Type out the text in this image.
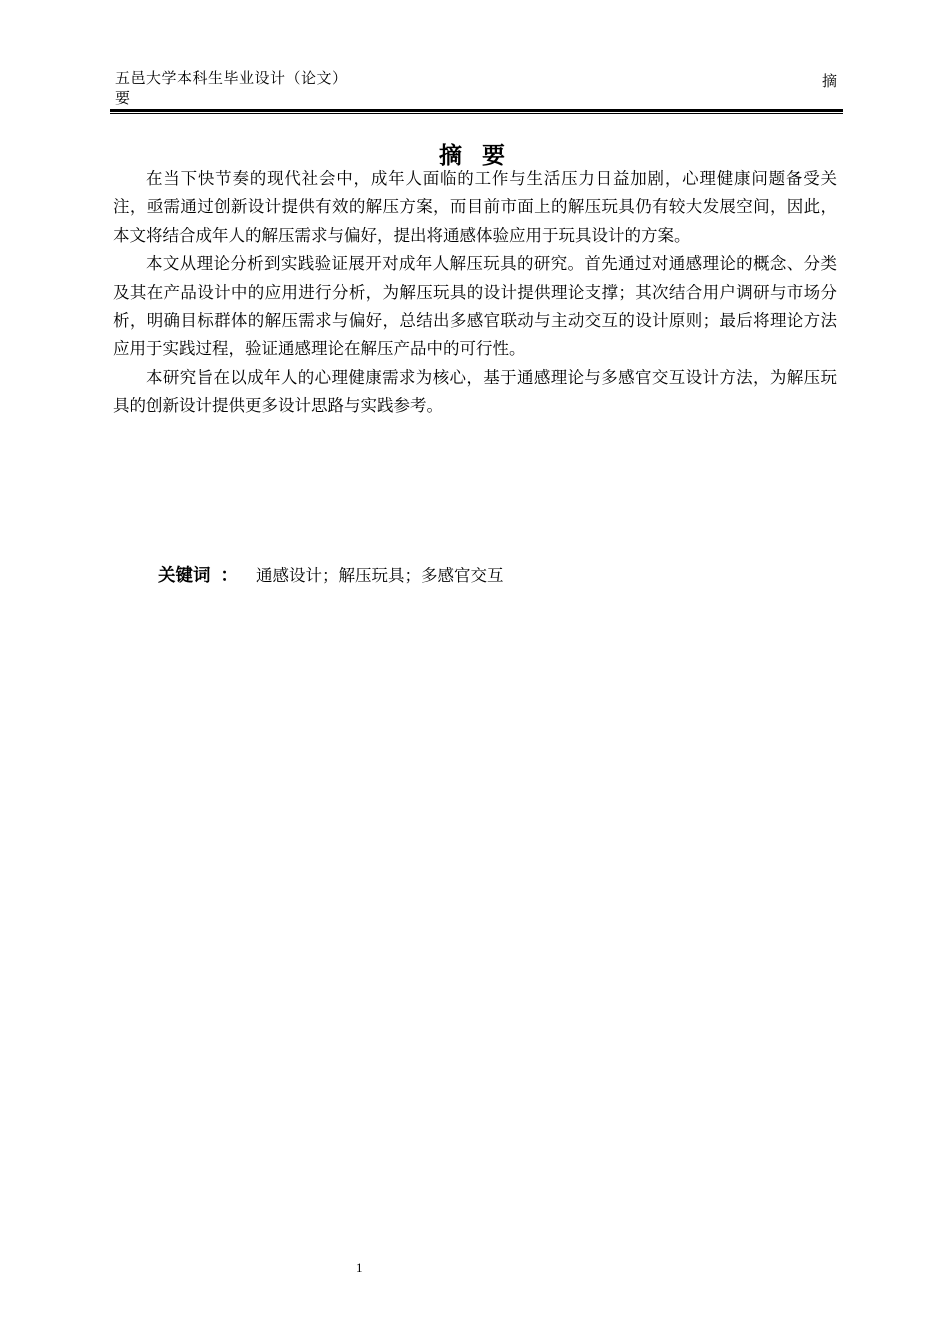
五邑大学本科生毕业设计（论文）
要
摘
摘 要

在当下快节奏的现代社会中，成年人面临的工作与生活压力日益加剧，心理健康问题备受关注，亟需通过创新设计提供有效的解压方案，而目前市面上的解压玩具仍有较大发展空间，因此，本文将结合成年人的解压需求与偏好，提出将通感体验应用于玩具设计的方案。

本文从理论分析到实践验证展开对成年人解压玩具的研究。首先通过对通感理论的概念、分类及其在产品设计中的应用进行分析，为解压玩具的设计提供理论支撑；其次结合用户调研与市场分析，明确目标群体的解压需求与偏好，总结出多感官联动与主动交互的设计原则；最后将理论方法应用于实践过程，验证通感理论在解压产品中的可行性。

本研究旨在以成年人的心理健康需求为核心，基于通感理论与多感官交互设计方法，为解压玩具的创新设计提供更多设计思路与实践参考。

关键词 ： 通感设计；解压玩具；多感官交互
1
